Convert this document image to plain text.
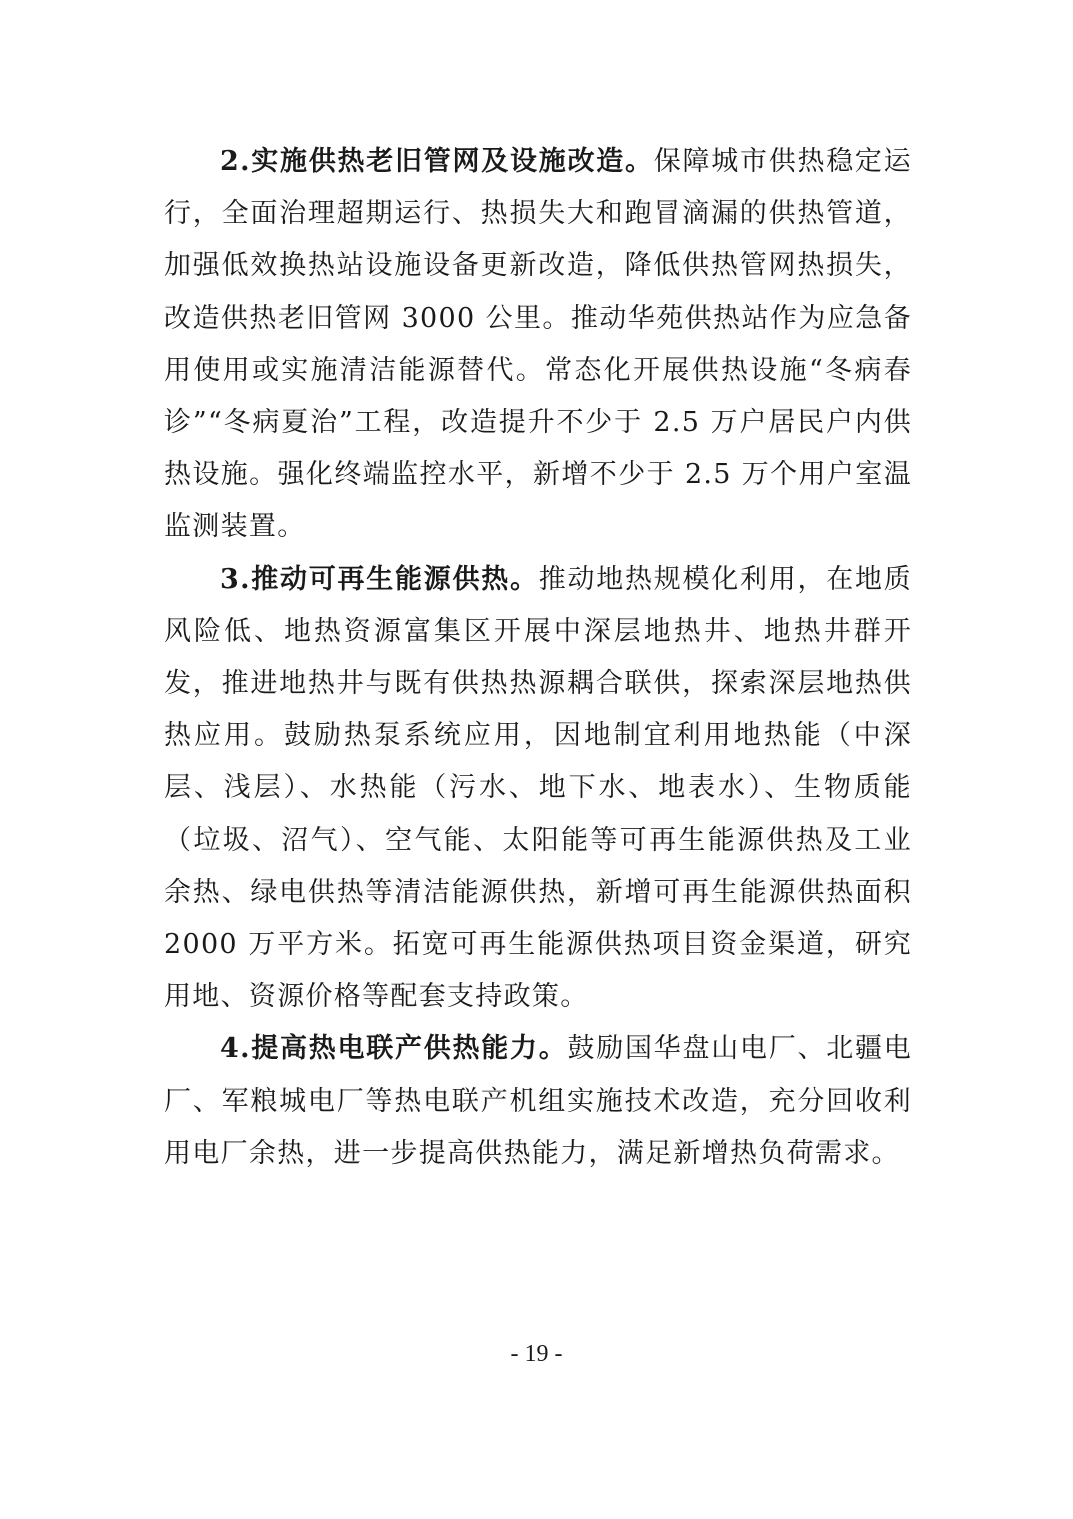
2.实施供热老旧管网及设施改造。保障城市供热稳定运行，全面治理超期运行、热损失大和跑冒滴漏的供热管道，加强低效换热站设施设备更新改造，降低供热管网热损失，改造供热老旧管网 3000 公里。推动华苑供热站作为应急备用使用或实施清洁能源替代。常态化开展供热设施“冬病春诊”“冬病夏治”工程，改造提升不少于 2.5 万户居民户内供热设施。强化终端监控水平，新增不少于 2.5 万个用户室温监测装置。

3.推动可再生能源供热。推动地热规模化利用，在地质风险低、地热资源富集区开展中深层地热井、地热井群开发，推进地热井与既有供热热源耦合联供，探索深层地热供热应用。鼓励热泵系统应用，因地制宜利用地热能（中深层、浅层）、水热能（污水、地下水、地表水）、生物质能（垃圾、沼气）、空气能、太阳能等可再生能源供热及工业余热、绿电供热等清洁能源供热，新增可再生能源供热面积 2000 万平方米。拓宽可再生能源供热项目资金渠道，研究用地、资源价格等配套支持政策。

4.提高热电联产供热能力。鼓励国华盘山电厂、北疆电厂、军粮城电厂等热电联产机组实施技术改造，充分回收利用电厂余热，进一步提高供热能力，满足新增热负荷需求。

- 19 -
